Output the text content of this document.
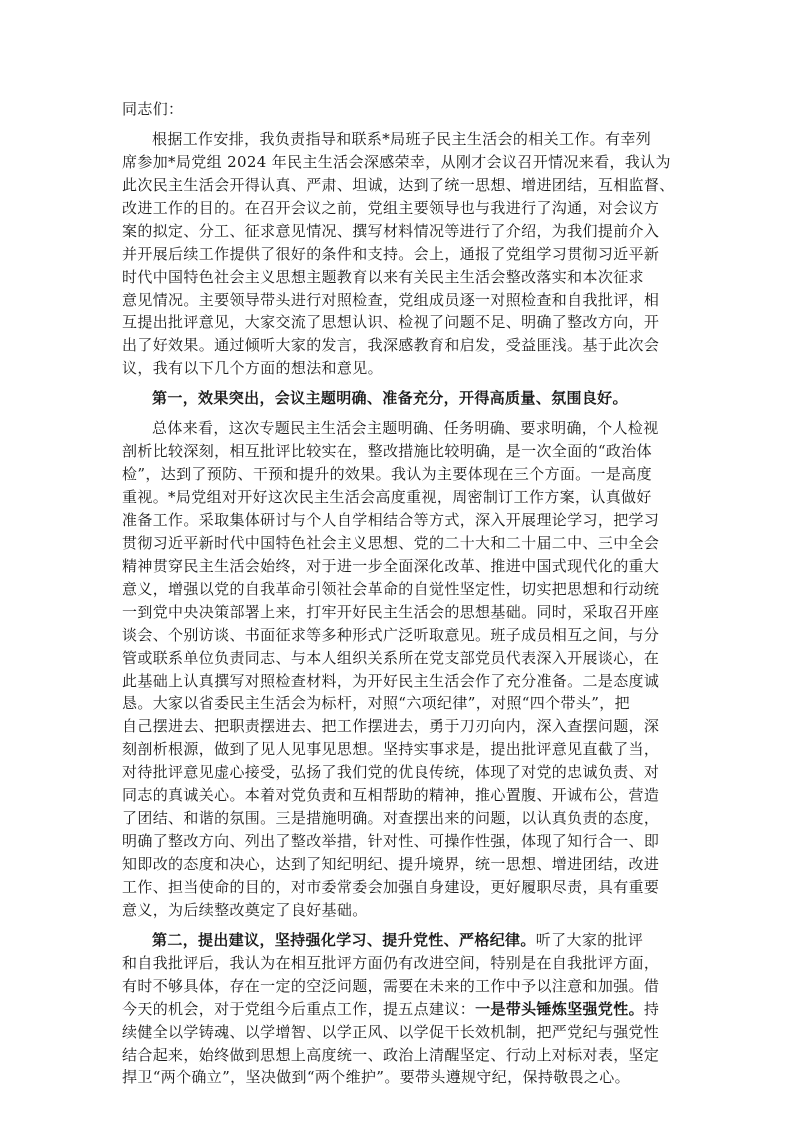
同志们：
根据工作安排，我负责指导和联系*局班子民主生活会的相关工作。有幸列
席参加*局党组 2024 年民主生活会深感荣幸，从刚才会议召开情况来看，我认为
此次民主生活会开得认真、严肃、坦诚，达到了统一思想、增进团结，互相监督、
改进工作的目的。在召开会议之前，党组主要领导也与我进行了沟通，对会议方
案的拟定、分工、征求意见情况、撰写材料情况等进行了介绍，为我们提前介入
并开展后续工作提供了很好的条件和支持。会上，通报了党组学习贯彻习近平新
时代中国特色社会主义思想主题教育以来有关民主生活会整改落实和本次征求
意见情况。主要领导带头进行对照检查，党组成员逐一对照检查和自我批评，相
互提出批评意见，大家交流了思想认识、检视了问题不足、明确了整改方向，开
出了好效果。通过倾听大家的发言，我深感教育和启发，受益匪浅。基于此次会
议，我有以下几个方面的想法和意见。
第一，效果突出，会议主题明确、准备充分，开得高质量、氛围良好。
总体来看，这次专题民主生活会主题明确、任务明确、要求明确，个人检视
剖析比较深刻，相互批评比较实在，整改措施比较明确，是一次全面的“政治体
检”，达到了预防、干预和提升的效果。我认为主要体现在三个方面。一是高度
重视。*局党组对开好这次民主生活会高度重视，周密制订工作方案，认真做好
准备工作。采取集体研讨与个人自学相结合等方式，深入开展理论学习，把学习
贯彻习近平新时代中国特色社会主义思想、党的二十大和二十届二中、三中全会
精神贯穿民主生活会始终，对于进一步全面深化改革、推进中国式现代化的重大
意义，增强以党的自我革命引领社会革命的自觉性坚定性，切实把思想和行动统
一到党中央决策部署上来，打牢开好民主生活会的思想基础。同时，采取召开座
谈会、个别访谈、书面征求等多种形式广泛听取意见。班子成员相互之间，与分
管或联系单位负责同志、与本人组织关系所在党支部党员代表深入开展谈心，在
此基础上认真撰写对照检查材料，为开好民主生活会作了充分准备。二是态度诚
恳。大家以省委民主生活会为标杆，对照“六项纪律”，对照“四个带头”，把
自己摆进去、把职责摆进去、把工作摆进去，勇于刀刃向内，深入查摆问题，深
刻剖析根源，做到了见人见事见思想。坚持实事求是，提出批评意见直截了当，
对待批评意见虚心接受，弘扬了我们党的优良传统，体现了对党的忠诚负责、对
同志的真诚关心。本着对党负责和互相帮助的精神，推心置腹、开诚布公，营造
了团结、和谐的氛围。三是措施明确。对查摆出来的问题，以认真负责的态度，
明确了整改方向、列出了整改举措，针对性、可操作性强，体现了知行合一、即
知即改的态度和决心，达到了知纪明纪、提升境界，统一思想、增进团结，改进
工作、担当使命的目的，对市委常委会加强自身建设，更好履职尽责，具有重要
意义，为后续整改奠定了良好基础。
第二，提出建议，坚持强化学习、提升党性、严格纪律。听了大家的批评
和自我批评后，我认为在相互批评方面仍有改进空间，特别是在自我批评方面，
有时不够具体，存在一定的空泛问题，需要在未来的工作中予以注意和加强。借
今天的机会，对于党组今后重点工作，提五点建议：一是带头锤炼坚强党性。持
续健全以学铸魂、以学增智、以学正风、以学促干长效机制，把严党纪与强党性
结合起来，始终做到思想上高度统一、政治上清醒坚定、行动上对标对表，坚定
捍卫“两个确立”，坚决做到“两个维护”。要带头遵规守纪，保持敬畏之心。
